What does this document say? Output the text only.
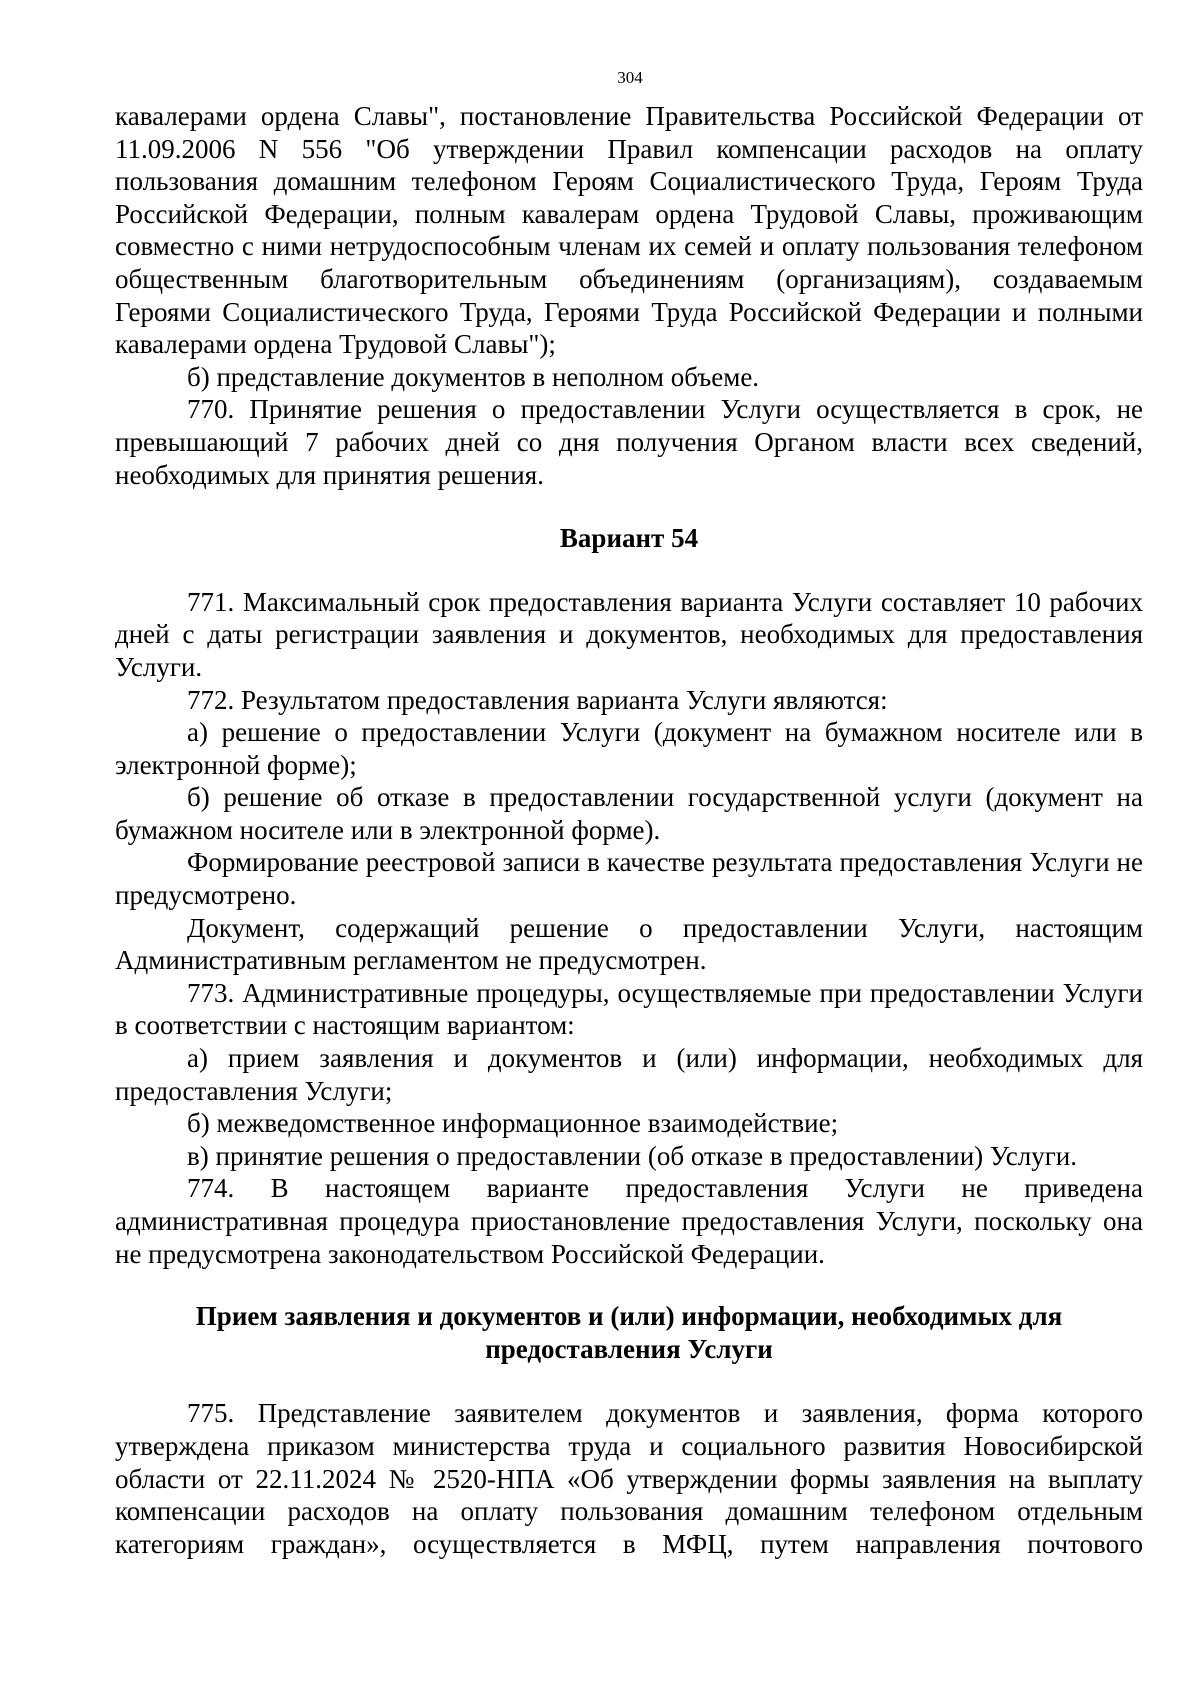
304

кавалерами ордена Славы", постановление Правительства Российской Федерации от 11.09.2006 N 556 "Об утверждении Правил компенсации расходов на оплату пользования домашним телефоном Героям Социалистического Труда, Героям Труда Российской Федерации, полным кавалерам ордена Трудовой Славы, проживающим совместно с ними нетрудоспособным членам их семей и оплату пользования телефоном общественным благотворительным объединениям (организациям), создаваемым Героями Социалистического Труда, Героями Труда Российской Федерации и полными кавалерами ордена Трудовой Славы");

б) представление документов в неполном объеме.

770. Принятие решения о предоставлении Услуги осуществляется в срок, не превышающий 7 рабочих дней со дня получения Органом власти всех сведений, необходимых для принятия решения.

Вариант 54

771. Максимальный срок предоставления варианта Услуги составляет 10 рабочих дней с даты регистрации заявления и документов, необходимых для предоставления Услуги.

772. Результатом предоставления варианта Услуги являются:

а) решение о предоставлении Услуги (документ на бумажном носителе или в электронной форме);

б) решение об отказе в предоставлении государственной услуги (документ на бумажном носителе или в электронной форме).

Формирование реестровой записи в качестве результата предоставления Услуги не предусмотрено.

Документ, содержащий решение о предоставлении Услуги, настоящим Административным регламентом не предусмотрен.

773. Административные процедуры, осуществляемые при предоставлении Услуги в соответствии с настоящим вариантом:

а) прием заявления и документов и (или) информации, необходимых для предоставления Услуги;

б) межведомственное информационное взаимодействие;

в) принятие решения о предоставлении (об отказе в предоставлении) Услуги.

774. В настоящем варианте предоставления Услуги не приведена административная процедура приостановление предоставления Услуги, поскольку она не предусмотрена законодательством Российской Федерации.

Прием заявления и документов и (или) информации, необходимых для

предоставления Услуги

775. Представление заявителем документов и заявления, форма которого утверждена приказом министерства труда и социального развития Новосибирской области от 22.11.2024 № 2520-НПА «Об утверждении формы заявления на выплату компенсации расходов на оплату пользования домашним телефоном отдельным категориям граждан», осуществляется в МФЦ, путем направления почтового
